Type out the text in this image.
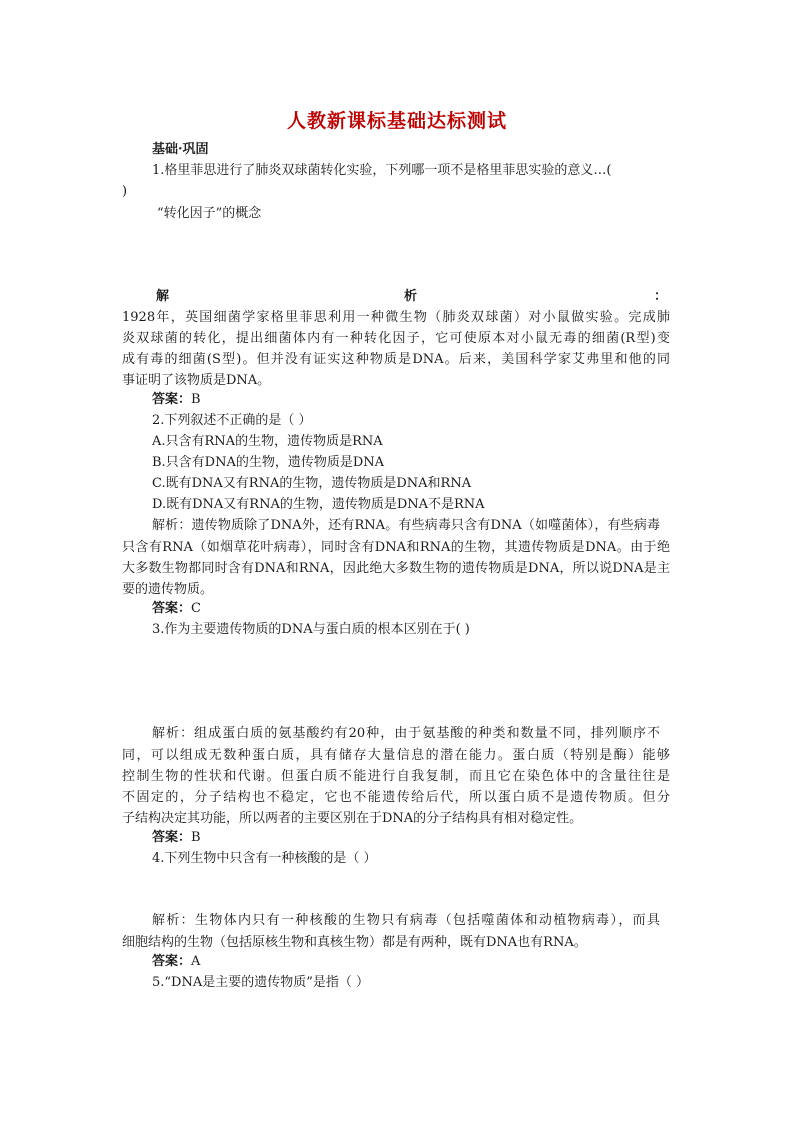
人教新课标基础达标测试
基础·巩固
1.格里菲思进行了肺炎双球菌转化实验，下列哪一项不是格里菲思实验的意义…(
)
“转化因子”的概念
解	析	：
1928年，英国细菌学家格里菲思利用一种微生物（肺炎双球菌）对小鼠做实验。完成肺
炎双球菌的转化，提出细菌体内有一种转化因子，它可使原本对小鼠无毒的细菌(R型)变
成有毒的细菌(S型)。但并没有证实这种物质是DNA。后来，美国科学家艾弗里和他的同
事证明了该物质是DNA。
答案：B
2.下列叙述不正确的是（ ）
A.只含有RNA的生物，遗传物质是RNA
B.只含有DNA的生物，遗传物质是DNA
C.既有DNA又有RNA的生物，遗传物质是DNA和RNA
D.既有DNA又有RNA的生物，遗传物质是DNA不是RNA
解析：遗传物质除了DNA外，还有RNA。有些病毒只含有DNA（如噬菌体），有些病毒
只含有RNA（如烟草花叶病毒），同时含有DNA和RNA的生物，其遗传物质是DNA。由于绝
大多数生物都同时含有DNA和RNA，因此绝大多数生物的遗传物质是DNA，所以说DNA是主
要的遗传物质。
答案：C
3.作为主要遗传物质的DNA与蛋白质的根本区别在于( )
解析：组成蛋白质的氨基酸约有20种，由于氨基酸的种类和数量不同，排列顺序不
同，可以组成无数种蛋白质，具有储存大量信息的潜在能力。蛋白质（特别是酶）能够
控制生物的性状和代谢。但蛋白质不能进行自我复制，而且它在染色体中的含量往往是
不固定的，分子结构也不稳定，它也不能遗传给后代，所以蛋白质不是遗传物质。但分
子结构决定其功能，所以两者的主要区别在于DNA的分子结构具有相对稳定性。
答案：B
4.下列生物中只含有一种核酸的是（ ）
解析：生物体内只有一种核酸的生物只有病毒（包括噬菌体和动植物病毒），而具
细胞结构的生物（包括原核生物和真核生物）都是有两种，既有DNA也有RNA。
答案：A
5.“DNA是主要的遗传物质”是指（ ）
